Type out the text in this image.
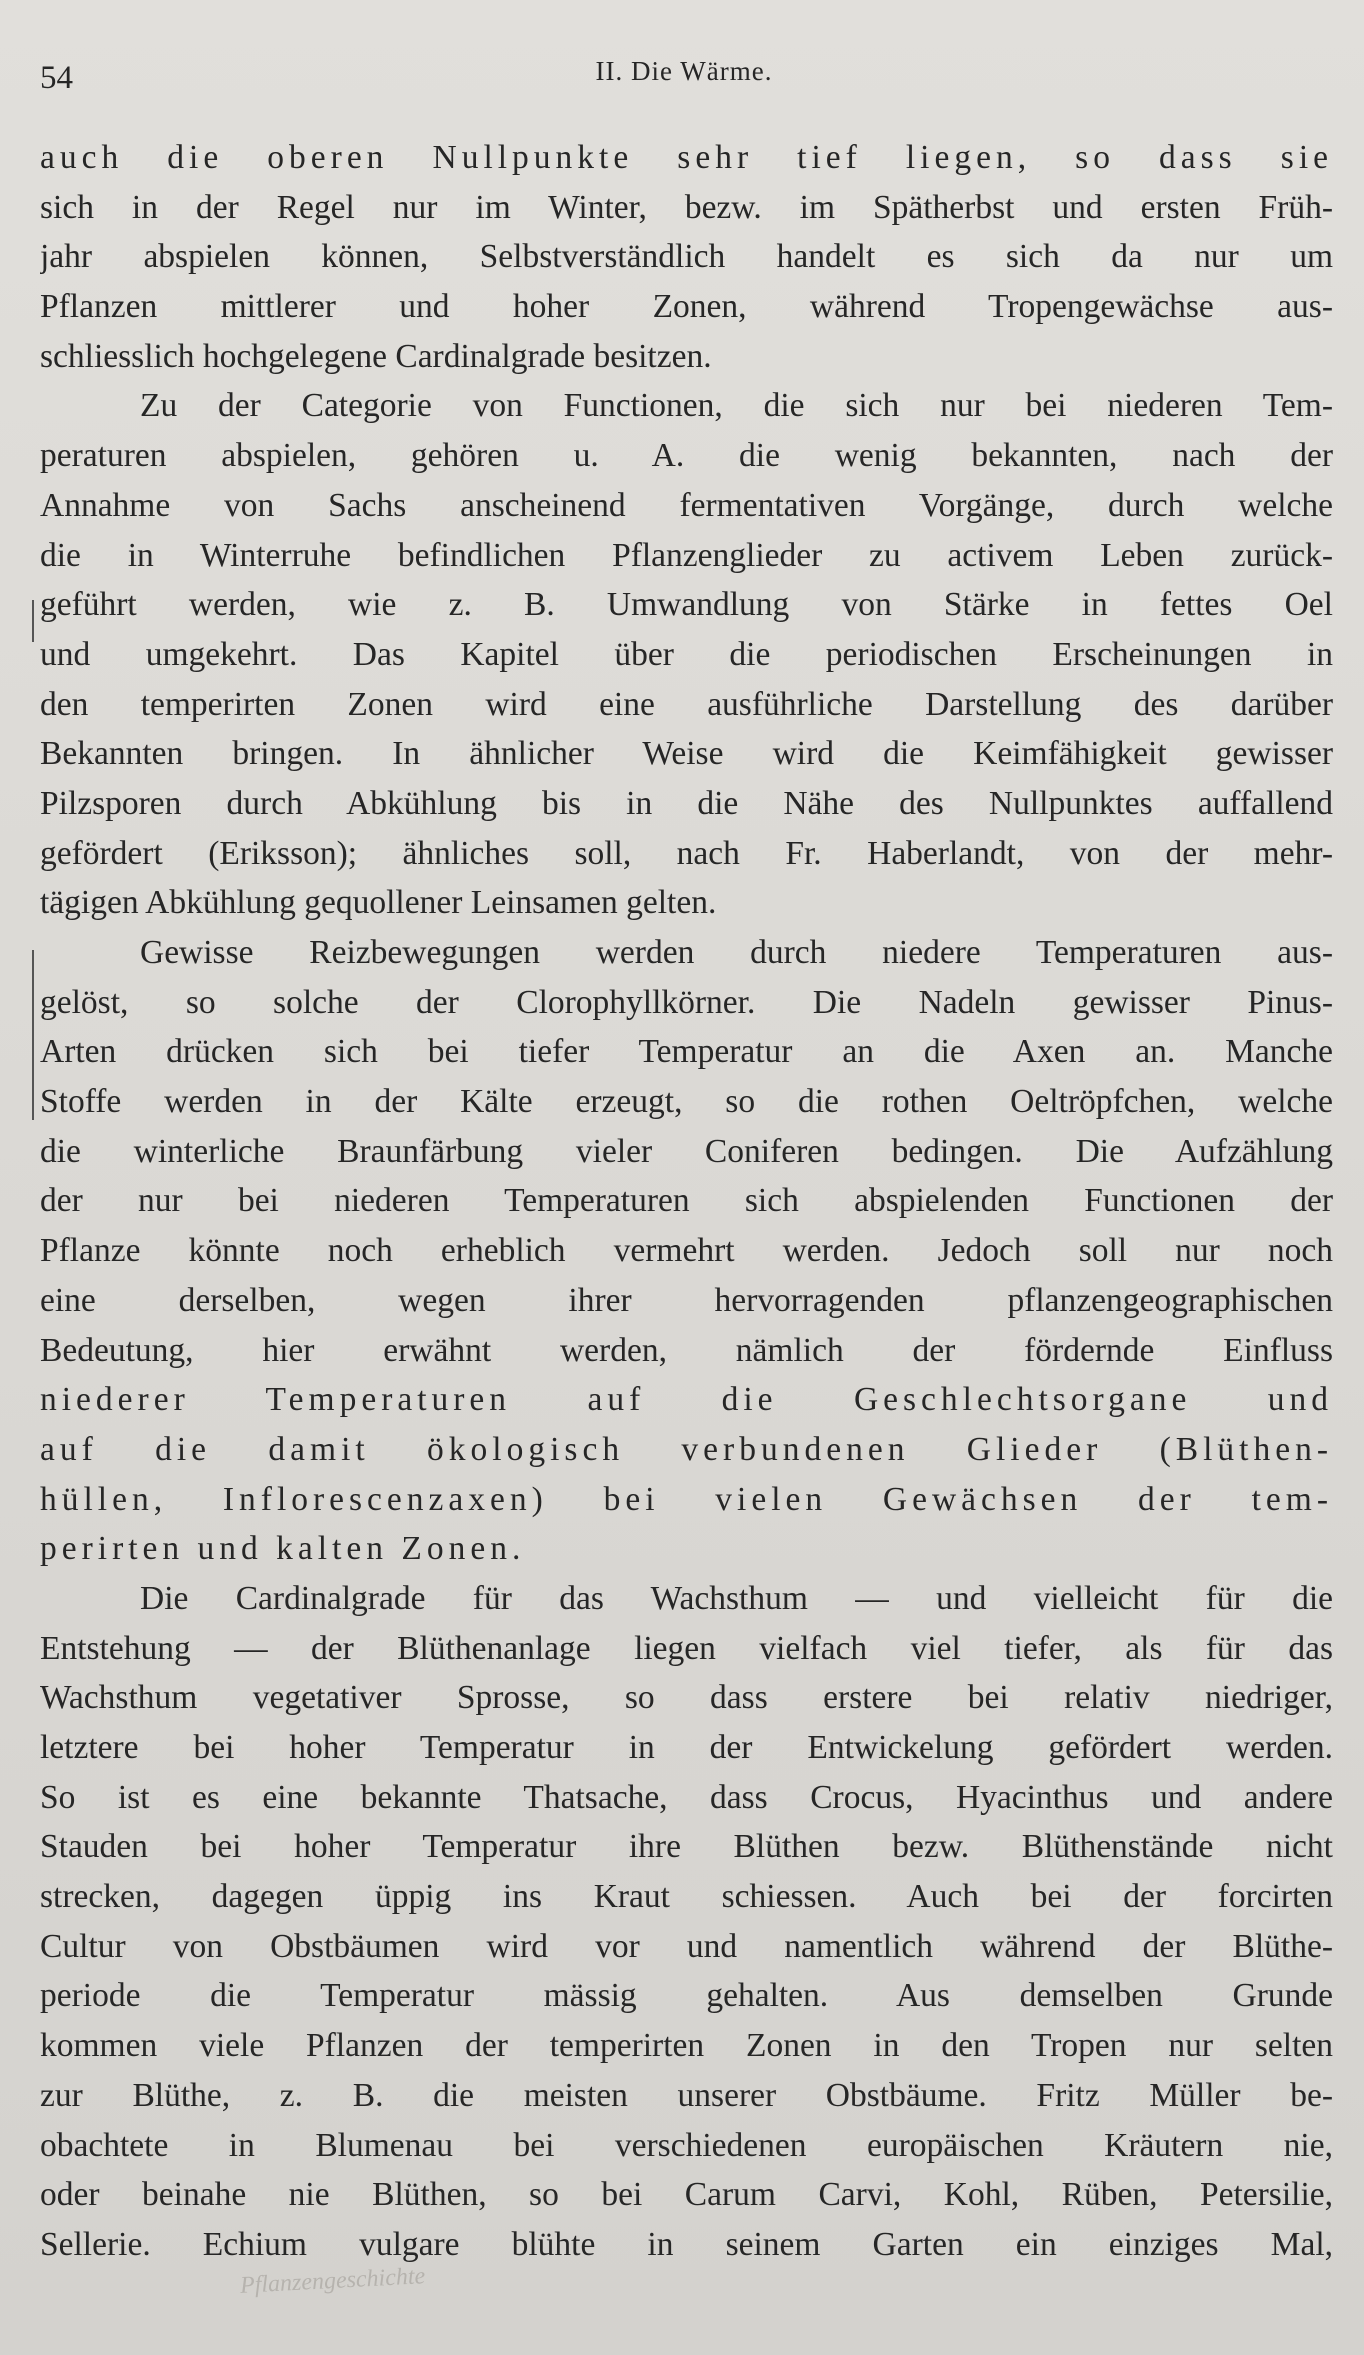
54	II. Die Wärme.
auch die oberen Nullpunkte sehr tief liegen, so dass sie
sich in der Regel nur im Winter, bezw. im Spätherbst und ersten Früh-
jahr abspielen können, Selbstverständlich handelt es sich da nur um
Pflanzen mittlerer und hoher Zonen, während Tropengewächse aus-
schliesslich hochgelegene Cardinalgrade besitzen.
Zu der Categorie von Functionen, die sich nur bei niederen Tem-
peraturen abspielen, gehören u. A. die wenig bekannten, nach der
Annahme von Sachs anscheinend fermentativen Vorgänge, durch welche
die in Winterruhe befindlichen Pflanzenglieder zu activem Leben zurück-
geführt werden, wie z. B. Umwandlung von Stärke in fettes Oel
und umgekehrt. Das Kapitel über die periodischen Erscheinungen in
den temperirten Zonen wird eine ausführliche Darstellung des darüber
Bekannten bringen. In ähnlicher Weise wird die Keimfähigkeit gewisser
Pilzsporen durch Abkühlung bis in die Nähe des Nullpunktes auffallend
gefördert (Eriksson); ähnliches soll, nach Fr. Haberlandt, von der mehr-
tägigen Abkühlung gequollener Leinsamen gelten.
Gewisse Reizbewegungen werden durch niedere Temperaturen aus-
gelöst, so solche der Clorophyllkörner. Die Nadeln gewisser Pinus-
Arten drücken sich bei tiefer Temperatur an die Axen an. Manche
Stoffe werden in der Kälte erzeugt, so die rothen Oeltröpfchen, welche
die winterliche Braunfärbung vieler Coniferen bedingen. Die Aufzählung
der nur bei niederen Temperaturen sich abspielenden Functionen der
Pflanze könnte noch erheblich vermehrt werden. Jedoch soll nur noch
eine derselben, wegen ihrer hervorragenden pflanzengeographischen
Bedeutung, hier erwähnt werden, nämlich der fördernde Einfluss
niederer Temperaturen auf die Geschlechtsorgane und
auf die damit ökologisch verbundenen Glieder (Blüthen-
hüllen, Inflorescenzaxen) bei vielen Gewächsen der tem-
perirten und kalten Zonen.
Die Cardinalgrade für das Wachsthum — und vielleicht für die
Entstehung — der Blüthenanlage liegen vielfach viel tiefer, als für das
Wachsthum vegetativer Sprosse, so dass erstere bei relativ niedriger,
letztere bei hoher Temperatur in der Entwickelung gefördert werden.
So ist es eine bekannte Thatsache, dass Crocus, Hyacinthus und andere
Stauden bei hoher Temperatur ihre Blüthen bezw. Blüthenstände nicht
strecken, dagegen üppig ins Kraut schiessen. Auch bei der forcirten
Cultur von Obstbäumen wird vor und namentlich während der Blüthe-
periode die Temperatur mässig gehalten. Aus demselben Grunde
kommen viele Pflanzen der temperirten Zonen in den Tropen nur selten
zur Blüthe, z. B. die meisten unserer Obstbäume. Fritz Müller be-
obachtete in Blumenau bei verschiedenen europäischen Kräutern nie,
oder beinahe nie Blüthen, so bei Carum Carvi, Kohl, Rüben, Petersilie,
Sellerie. Echium vulgare blühte in seinem Garten ein einziges Mal,
Pflanzengeschichte
